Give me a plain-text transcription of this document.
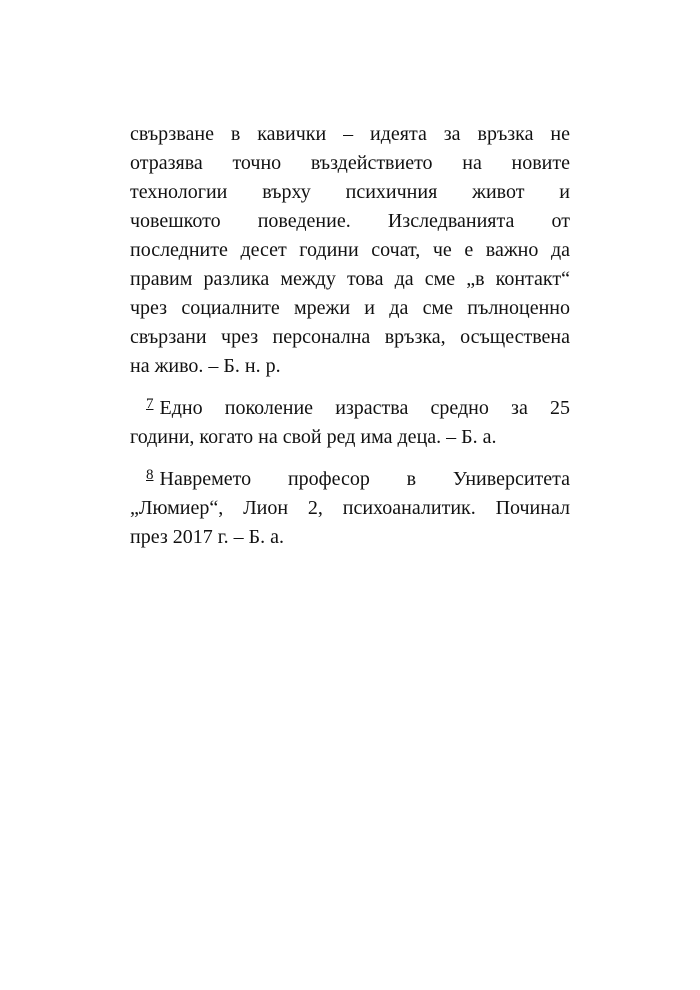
свързване в кавички – идеята за връзка не
отразява точно въздействието на новите
технологии върху психичния живот и
човешкото поведение. Изследванията от
последните десет години сочат, че е важно да
правим разлика между това да сме „в контакт“
чрез социалните мрежи и да сме пълноценно
свързани чрез персонална връзка, осъществена
на живо. – Б. н. р.
7 Едно поколение израства средно за 25
години, когато на свой ред има деца. – Б. а.
8 Навремето професор в Университета
„Люмиер“, Лион 2, психоаналитик. Починал
през 2017 г. – Б. а.
